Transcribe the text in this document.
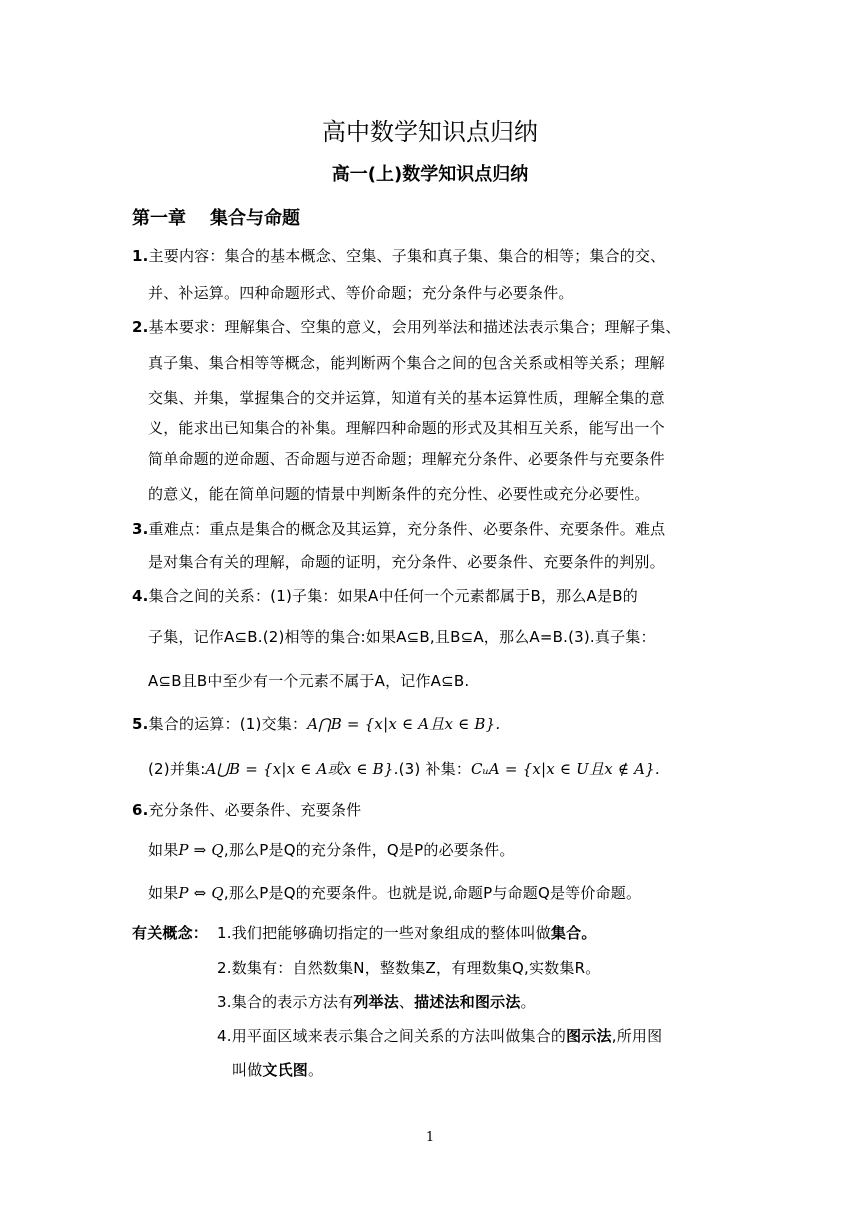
高中数学知识点归纳
高一(上)数学知识点归纳
第一章 集合与命题
1.主要内容：集合的基本概念、空集、子集和真子集、集合的相等；集合的交、
并、补运算。四种命题形式、等价命题；充分条件与必要条件。
2.基本要求：理解集合、空集的意义，会用列举法和描述法表示集合；理解子集、
真子集、集合相等等概念，能判断两个集合之间的包含关系或相等关系；理解
交集、并集，掌握集合的交并运算，知道有关的基本运算性质，理解全集的意
义，能求出已知集合的补集。理解四种命题的形式及其相互关系，能写出一个
简单命题的逆命题、否命题与逆否命题；理解充分条件、必要条件与充要条件
的意义，能在简单问题的情景中判断条件的充分性、必要性或充分必要性。
3.重难点：重点是集合的概念及其运算，充分条件、必要条件、充要条件。难点
是对集合有关的理解，命题的证明，充分条件、必要条件、充要条件的判别。
4.集合之间的关系：(1)子集：如果A中任何一个元素都属于B，那么A是B的
子集，记作A⊆B.(2)相等的集合:如果A⊆B,且B⊆A，那么A=B.(3).真子集：
A⊆B且B中至少有一个元素不属于A，记作A⊆B.
5.集合的运算：(1)交集：A⋂B = {x|x ∈ A且x ∈ B}.
(2)并集:A⋃B = {x|x ∈ A或x ∈ B}.(3) 补集：CᵤA = {x|x ∈ U且x ∉ A}.
6.充分条件、必要条件、充要条件
如果P ⇒ Q,那么P是Q的充分条件，Q是P的必要条件。
如果P ⇔ Q,那么P是Q的充要条件。也就是说,命题P与命题Q是等价命题。
有关概念： 1.我们把能够确切指定的一些对象组成的整体叫做集合。
2.数集有：自然数集N，整数集Z，有理数集Q,实数集R。
3.集合的表示方法有列举法、描述法和图示法。
4.用平面区域来表示集合之间关系的方法叫做集合的图示法,所用图
叫做文氏图。
1
